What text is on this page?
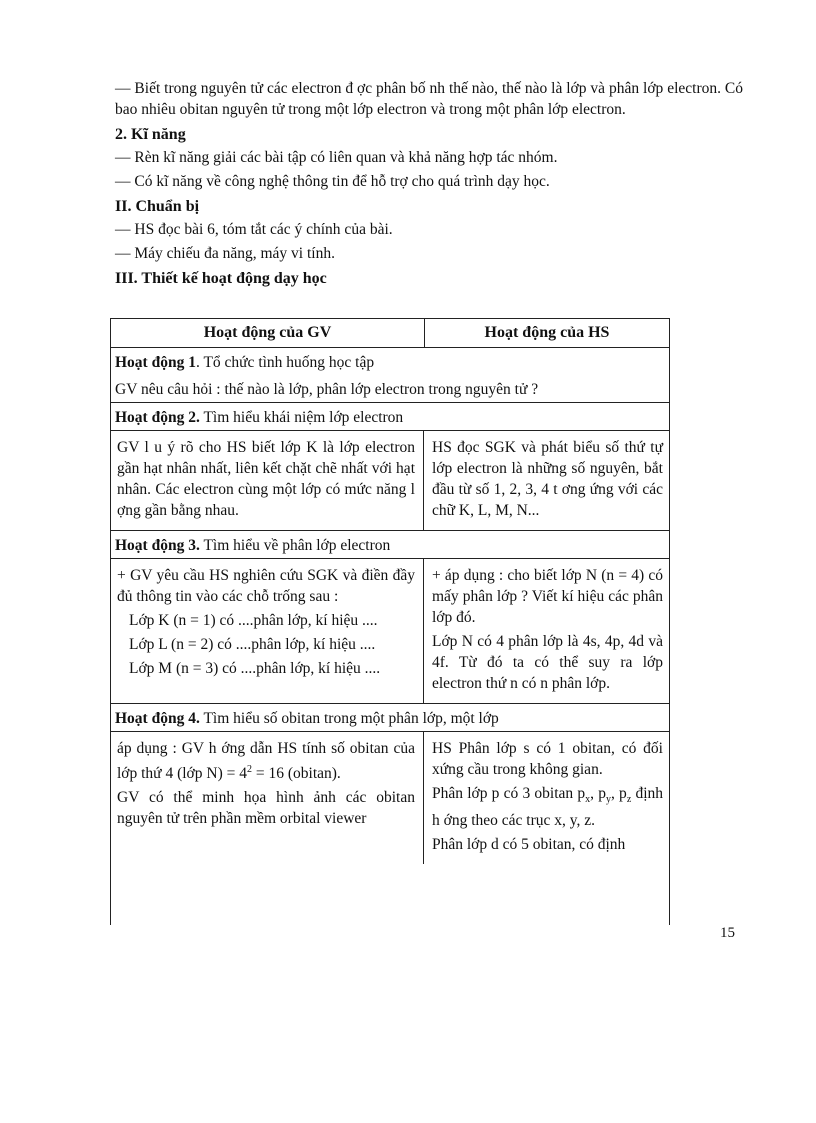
— Biết trong nguyên tử các electron đ ợc phân bố nh thế nào, thế nào là lớp và phân lớp electron. Có bao nhiêu obitan nguyên tử trong một lớp electron và trong một phân lớp electron.

2. Kĩ năng

— Rèn kĩ năng giải các bài tập có liên quan và khả năng hợp tác nhóm.

— Có kĩ năng về công nghệ thông tin để hỗ trợ cho quá trình dạy học.

II. Chuẩn bị

— HS đọc bài 6, tóm tắt các ý chính của bài.

— Máy chiếu đa năng, máy vi tính.

III. Thiết kế hoạt động dạy học
Hoạt động của GV	Hoạt động của HS
Hoạt động 1. Tổ chức tình huống học tập
GV nêu câu hỏi : thế nào là lớp, phân lớp electron trong nguyên tử ?
Hoạt động 2. Tìm hiểu khái niệm lớp electron

GV l u ý rõ cho HS biết lớp K là lớp electron gần hạt nhân nhất, liên kết chặt chẽ nhất với hạt nhân. Các electron cùng một lớp có mức năng l ợng gần bằng nhau.

HS đọc SGK và phát biểu số thứ tự lớp electron là những số nguyên, bắt đầu từ số 1, 2, 3, 4 t ơng ứng với các chữ K, L, M, N...

Hoạt động 3. Tìm hiểu về phân lớp electron

+ GV yêu cầu HS nghiên cứu SGK và điền đầy đủ thông tin vào các chỗ trống sau :

Lớp K (n = 1) có ....phân lớp, kí hiệu ....

Lớp L (n = 2) có ....phân lớp, kí hiệu ....

Lớp M (n = 3) có ....phân lớp, kí hiệu ....

+ áp dụng : cho biết lớp N (n = 4) có mấy phân lớp ? Viết kí hiệu các phân lớp đó.

Lớp N có 4 phân lớp là 4s, 4p, 4d và 4f. Từ đó ta có thể suy ra lớp electron thứ n có n phân lớp.

Hoạt động 4. Tìm hiểu số obitan trong một phân lớp, một lớp

áp dụng : GV h ớng dẫn HS tính số obitan của lớp thứ 4 (lớp $N) = 4^2 = 16$ (obitan).

GV có thể minh họa hình ảnh các obitan nguyên tử trên phần mềm orbital viewer

HS Phân lớp s có 1 obitan, có đối xứng cầu trong không gian.

Phân lớp p có 3 obitan $p_x$, $p_y$, $p_z$ định h ớng theo các trục x, y, z.

Phân lớp d có 5 obitan, có định

15
